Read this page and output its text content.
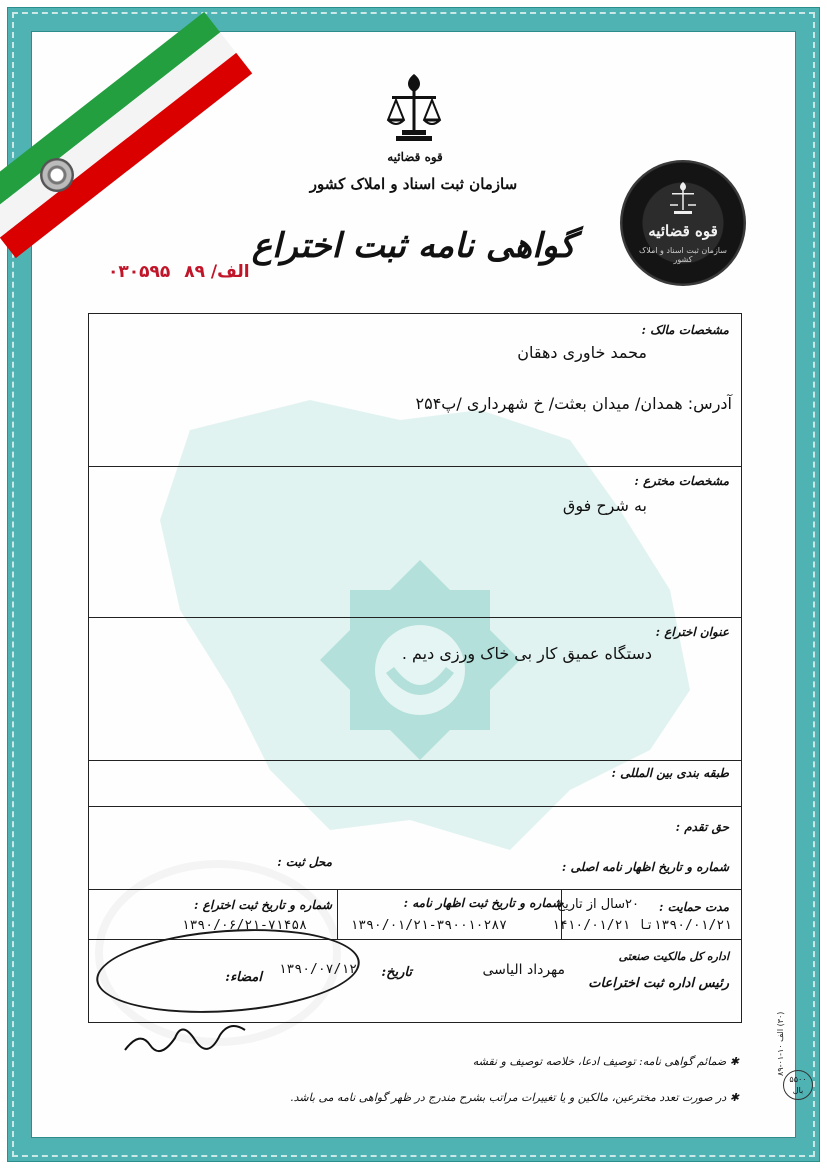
قوه قضائیه
سازمان ثبت اسناد و املاک کشور
گواهی نامه ثبت اختراع
الف/ ۸۹ ۰۳۰۵۹۵
قوه قضائیه
سازمان ثبت اسناد و املاک کشور
مشخصات مالک :
محمد خاوری دهقان
آدرس: همدان/ میدان بعثت/ خ شهرداری /پ۲۵۴
مشخصات مخترع :
به شرح فوق
عنوان اختراع :
دستگاه عمیق کار بی خاک ورزی دیم .
طبقه بندی بین المللی :
حق تقدم :
شماره و تاریخ اظهار نامه اصلی :
محل ثبت :
مدت حمایت :
۲۰سال از تاریخ
۱۳۹۰/۰۱/۲۱تا ۱۴۱۰/۰۱/۲۱
شماره و تاریخ ثبت اظهار نامه :
۱۳۹۰/۰۱/۲۱-۳۹۰۰۱۰۲۸۷
شماره و تاریخ ثبت اختراع :
۱۳۹۰/۰۶/۲۱-۷۱۴۵۸
اداره کل مالکیت صنعتی
رئیس اداره ثبت اختراعات
مهرداد الیاسی
تاریخ:
۱۳۹۰/۰۷/۱۲
امضاء:
✱ ضمائم گواهی نامه: توصیف ادعا، خلاصه توصیف و نقشه
✱ در صورت تعدد مخترعین، مالکین و یا تغییرات مراتب بشرح مندرج در ظهر گواهی نامه می باشد.
(۳۰) الف ۱۰-۰۱-۸۹
۵۵۰۰ بال
